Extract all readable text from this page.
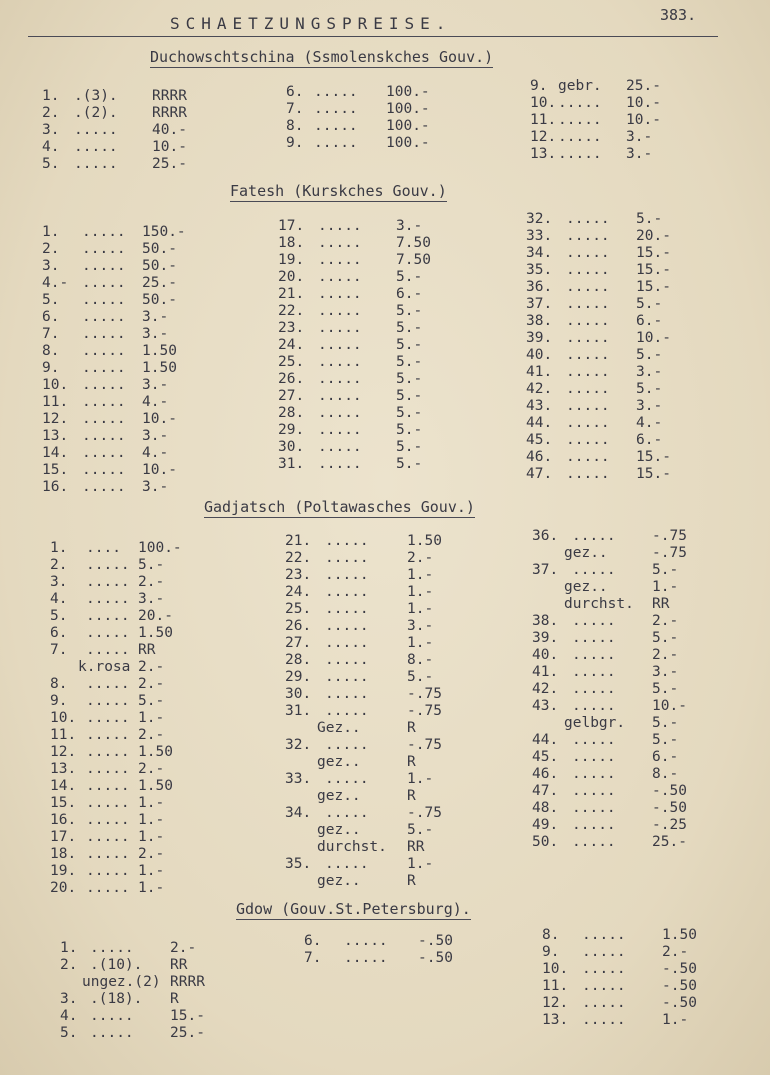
SCHAETZUNGSPREISE.	383.
Duchowschtschina (Ssmolenskches Gouv.)
1. .(3). RRRR
2. .(2). RRRR
3. ..... 40.-
4. ..... 10.-
5. ..... 25.-
6. ..... 100.-
7. ..... 100.-
8. ..... 100.-
9. ..... 100.-
9. gebr. 25.-
10. ..... 10.-
11. ..... 10.-
12. ..... 3.-
13. ..... 3.-
Fatesh (Kurskches Gouv.)
1. ..... 150.-
2. ..... 50.-
3. ..... 50.-
4.- ..... 25.-
5. ..... 50.-
6. ..... 3.-
7. ..... 3.-
8. ..... 1.50
9. ..... 1.50
10. ..... 3.-
11. ..... 4.-
12. ..... 10.-
13. ..... 3.-
14. ..... 4.-
15. ..... 10.-
16. ..... 3.-
17. ..... 3.-
18. ..... 7.50
19. ..... 7.50
20. ..... 5.-
21. ..... 6.-
22. ..... 5.-
23. ..... 5.-
24. ..... 5.-
25. ..... 5.-
26. ..... 5.-
27. ..... 5.-
28. ..... 5.-
29. ..... 5.-
30. ..... 5.-
31. ..... 5.-
32. ..... 5.-
33. ..... 20.-
34. ..... 15.-
35. ..... 15.-
36. ..... 15.-
37. ..... 5.-
38. ..... 6.-
39. ..... 10.-
40. ..... 5.-
41. ..... 3.-
42. ..... 5.-
43. ..... 3.-
44. ..... 4.-
45. ..... 6.-
46. ..... 15.-
47. ..... 15.-
Gadjatsch (Poltawasches Gouv.)
1. .... 100.-
2. ..... 5.-
3. ..... 2.-
4. ..... 3.-
5. ..... 20.-
6. ..... 1.50
7. ..... RR
k.rosa 2.-
8. ..... 2.-
9. ..... 5.-
10. ..... 1.-
11. ..... 2.-
12. ..... 1.50
13. ..... 2.-
14. ..... 1.50
15. ..... 1.-
16. ..... 1.-
17. ..... 1.-
18. ..... 2.-
19. ..... 1.-
20. ..... 1.-
21. .....	1.50
22. .....	2.-
23. .....	1.-
24. .....	1.-
25. .....	1.-
26. .....	3.-
27. .....	1.-
28. .....	8.-
29. .....	5.-
30. .....	-.75
31. .....	-.75
Gez..	R
32. .....	-.75
gez..	R
33. .....	1.-
gez..	R
34. .....	-.75
gez..	5.-
durchst. RR
35. .....	1.-
gez..	R
36. .....	-.75
gez..	-.75
37. .....	5.-
gez..	1.-
durchst. RR
38. .....	2.-
39. .....	5.-
40. .....	2.-
41. .....	3.-
42. .....	5.-
43. .....	10.-
gelbgr. 5.-
44. .....	5.-
45. .....	6.-
46. .....	8.-
47. .....	-.50
48. .....	-.50
49. .....	-.25
50. .....	25.-
Gdow (Gouv.St.Petersburg).
1. .....	2.-
2. .(10). RR
ungez.(2) RRRR
3. .(18). R
4. .....	15.-
5. .....	25.-
6. ..... -.50
7. ..... -.50
8. .....	1.50
9. .....	2.-
10. .....	-.50
11. .....	-.50
12. .....	-.50
13. .....	1.-
